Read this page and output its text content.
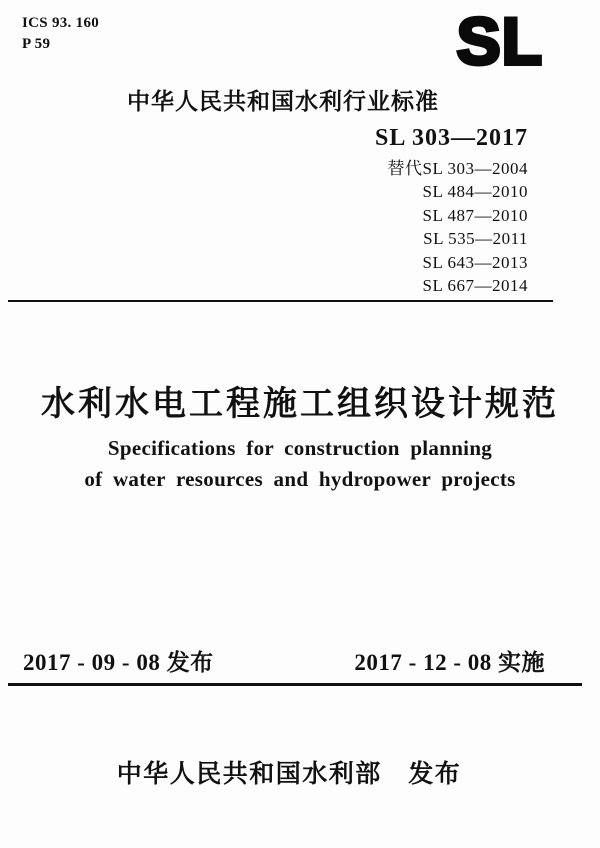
ICS 93. 160
P 59	SL
中华人民共和国水利行业标准
SL 303—2017
替代SL 303—2004
SL 484—2010
SL 487—2010
SL 535—2011
SL 643—2013
SL 667—2014
水利水电工程施工组织设计规范
Specifications for construction planning
of water resources and hydropower projects
2017 - 09 - 08 发布	2017 - 12 - 08 实施
中华人民共和国水利部　发布
